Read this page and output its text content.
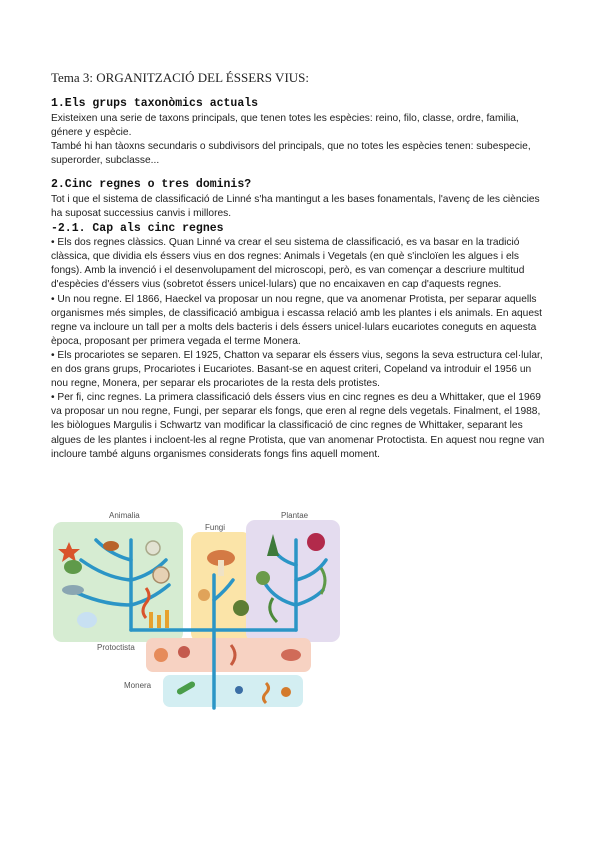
Tema 3: ORGANITZACIÓ DEL ÉSSERS VIUS:

1.Els grups taxonòmics actuals

Existeixen una serie de taxons principals, que tenen totes les espècies: reino, filo, classe, ordre, familia, génere y espècie.

També hi han tàoxns secundaris o subdivisors del principals, que no totes les espècies tenen: subespecie, superorder, subclasse...

2.Cinc regnes o tres dominis?

Tot i que el sistema de classificació de Linné s'ha mantingut a les bases fonamentals, l'avenç de les ciències ha suposat successius canvis i millores.

-2.1. Cap als cinc regnes

• Els dos regnes clàssics. Quan Linné va crear el seu sistema de classificació, es va basar en la tradició clàssica, que dividia els éssers vius en dos regnes: Animals i Vegetals (en què s'incloïen les algues i els fongs). Amb la invenció i el desenvolupament del microscopi, però, es van començar a descriure multitud d'espècies d'éssers vius (sobretot éssers unicel·lulars) que no encaixaven en cap d'aquests regnes.

• Un nou regne. El 1866, Haeckel va proposar un nou regne, que va anomenar Protista, per separar aquells organismes més simples, de classificació ambigua i escassa relació amb les plantes i els animals. En aquest regne va incloure un tall per a molts dels bacteris i dels éssers unicel·lulars eucariotes coneguts en aquesta època, proposant per primera vegada el terme Monera.

• Els procariotes se separen. El 1925, Chatton va separar els éssers vius, segons la seva estructura cel·lular, en dos grans grups, Procariotes i Eucariotes. Basant-se en aquest criteri, Copeland va introduir el 1956 un nou regne, Monera, per separar els procariotes de la resta dels protistes.

• Per fi, cinc regnes. La primera classificació dels éssers vius en cinc regnes es deu a Whittaker, que el 1969 va proposar un nou regne, Fungi, per separar els fongs, que eren al regne dels vegetals. Finalment, el 1988, les biòlogues Margulis i Schwartz van modificar la classificació de cinc regnes de Whittaker, separant les algues de les plantes i incloent-les al regne Protista, que van anomenar Protoctista. En aquest nou regne van incloure també alguns organismes considerats fongs fins aquell moment.

Animalia
Fungi
Plantae
Protoctista
Monera
